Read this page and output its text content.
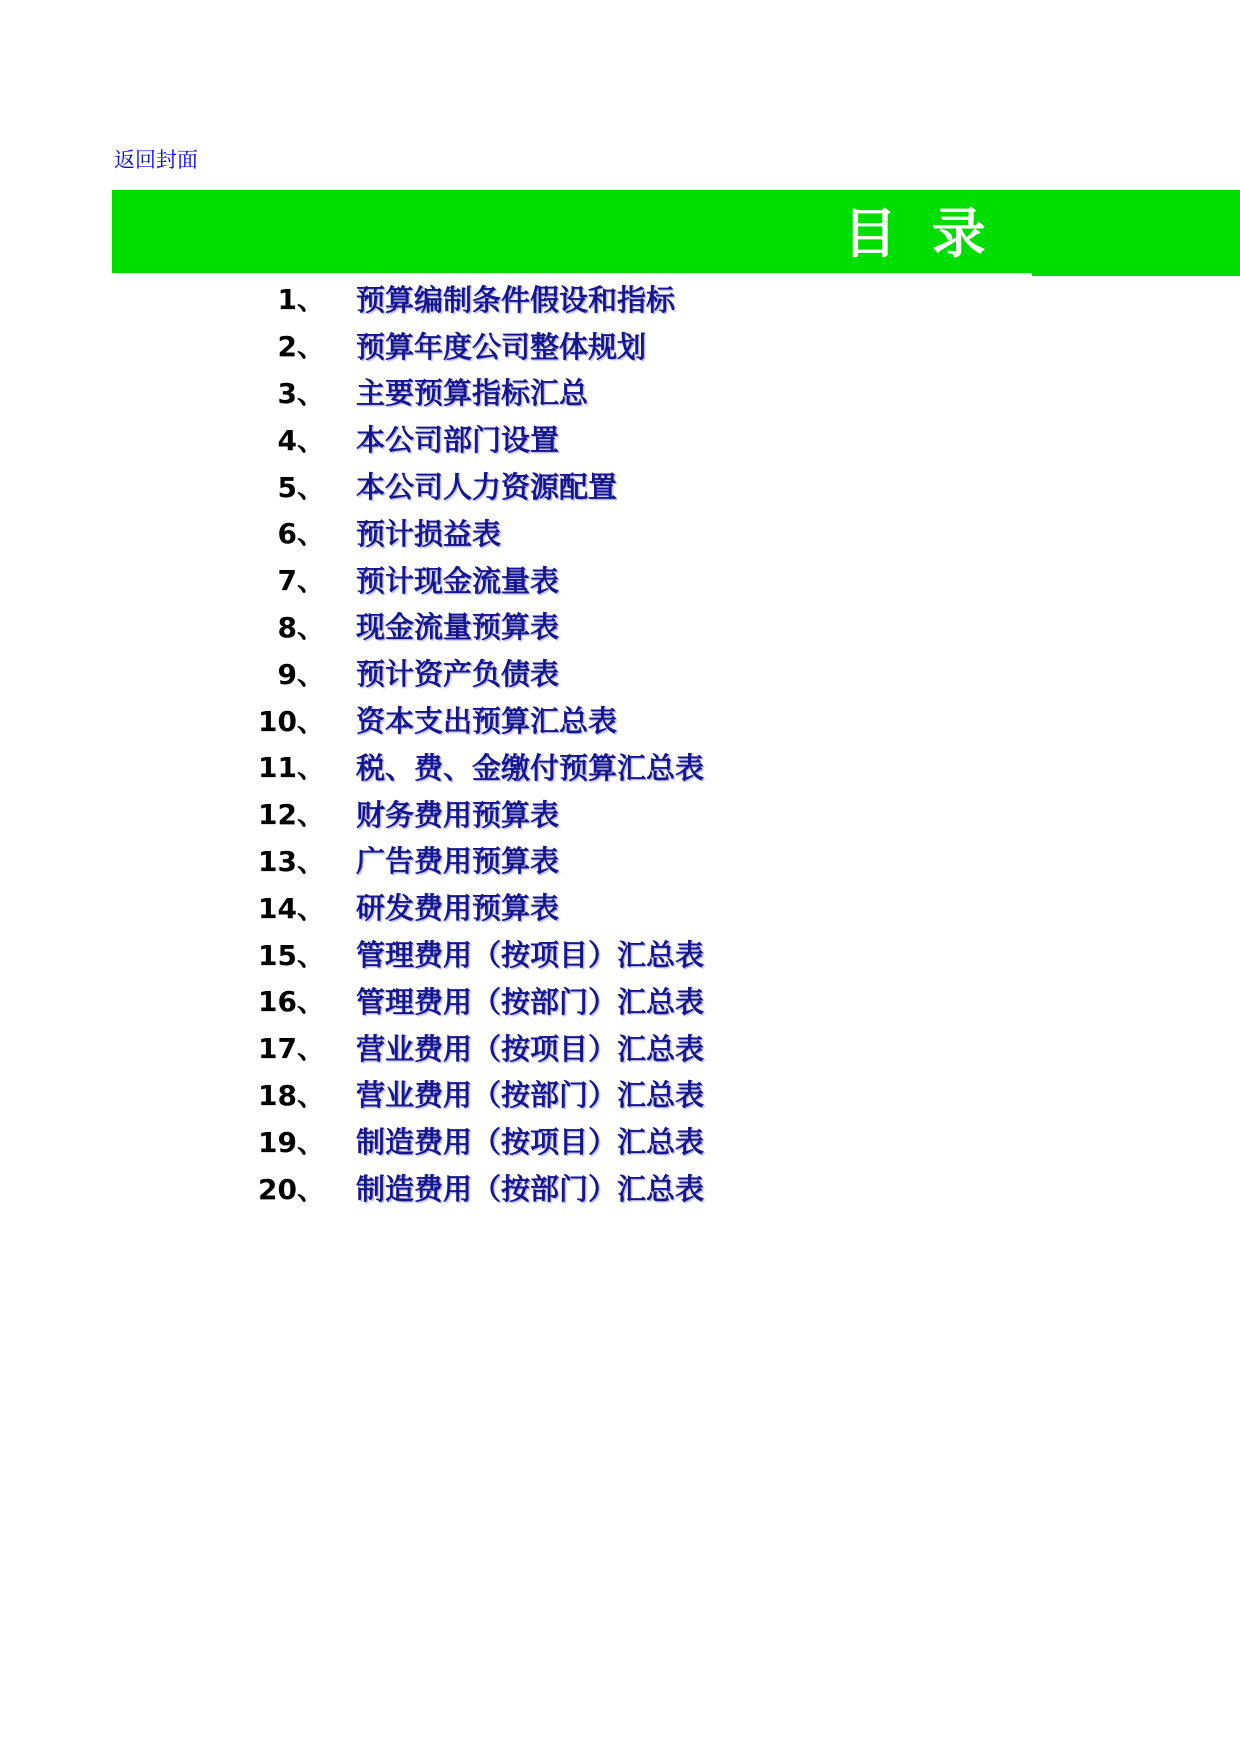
返回封面
目 录
1、 预算编制条件假设和指标
2、 预算年度公司整体规划
3、 主要预算指标汇总
4、 本公司部门设置
5、 本公司人力资源配置
6、 预计损益表
7、 预计现金流量表
8、 现金流量预算表
9、 预计资产负债表
10、 资本支出预算汇总表
11、 税、费、金缴付预算汇总表
12、 财务费用预算表
13、 广告费用预算表
14、 研发费用预算表
15、 管理费用（按项目）汇总表
16、 管理费用（按部门）汇总表
17、 营业费用（按项目）汇总表
18、 营业费用（按部门）汇总表
19、 制造费用（按项目）汇总表
20、 制造费用（按部门）汇总表
